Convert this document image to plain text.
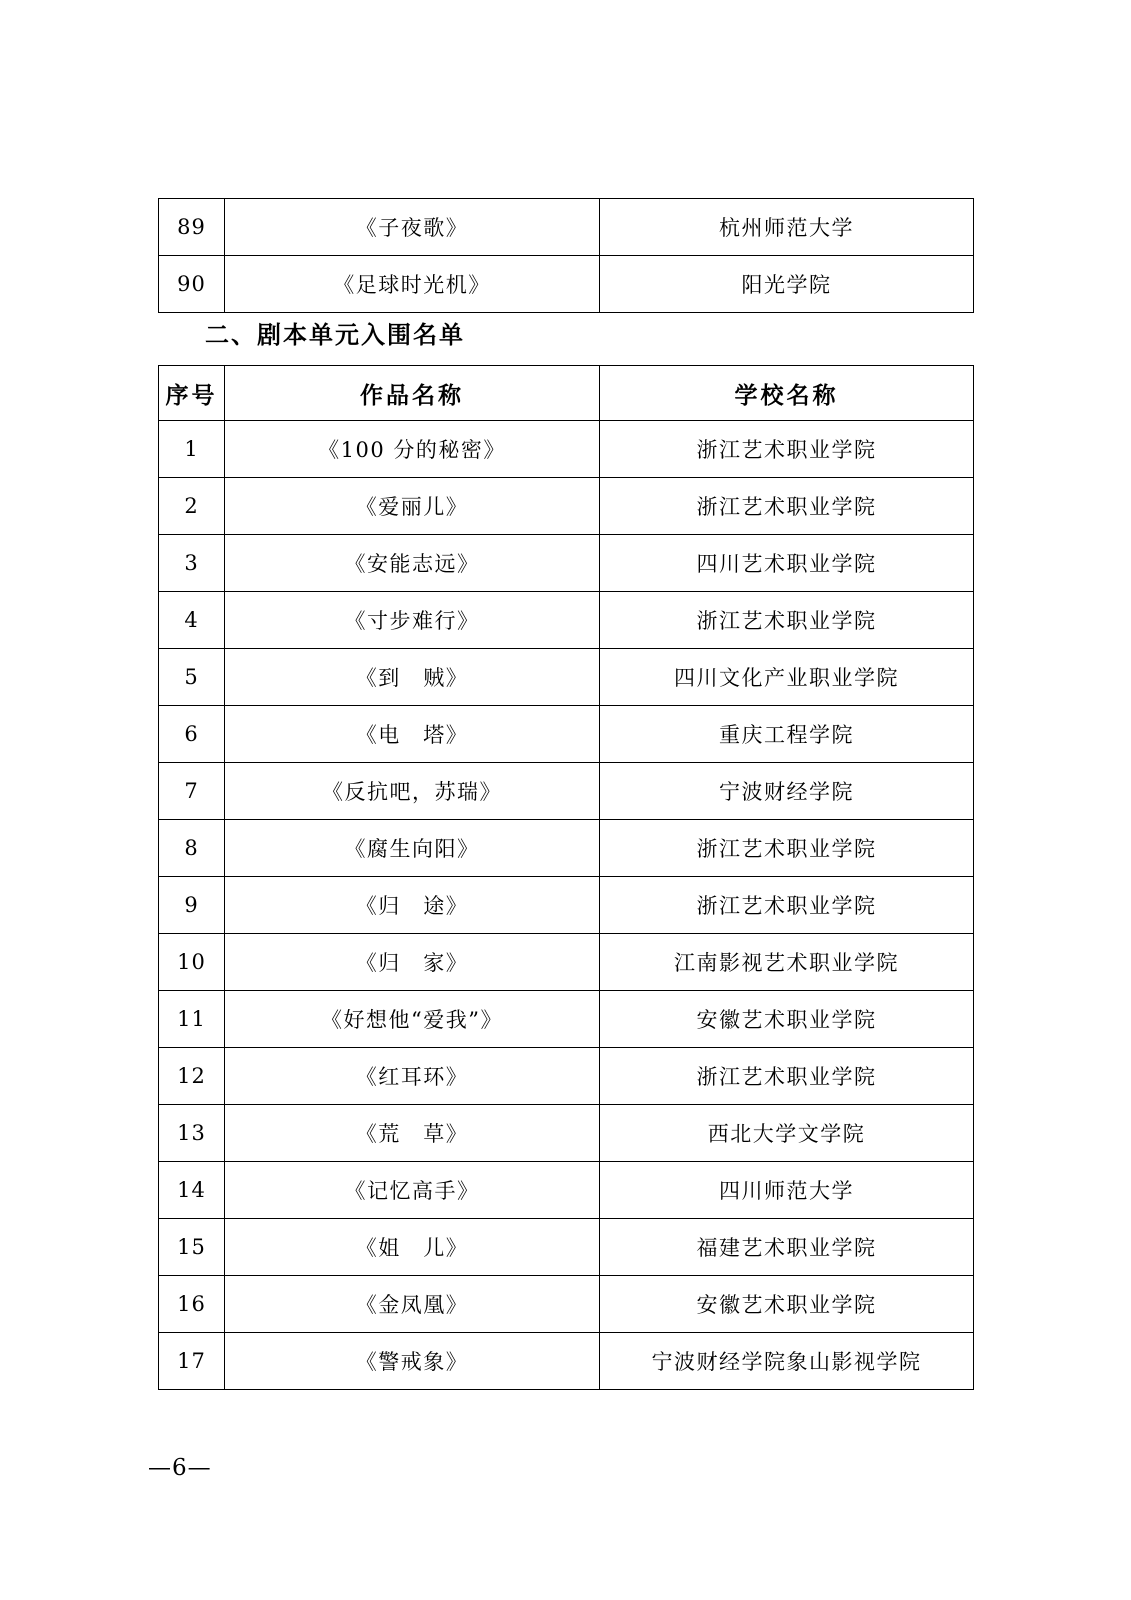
89	《子夜歌》	杭州师范大学
90	《足球时光机》	阳光学院
二、剧本单元入围名单
序号	作品名称	学校名称
1	《100 分的秘密》	浙江艺术职业学院
2	《爱丽儿》	浙江艺术职业学院
3	《安能志远》	四川艺术职业学院
4	《寸步难行》	浙江艺术职业学院
5	《到　贼》	四川文化产业职业学院
6	《电　塔》	重庆工程学院
7	《反抗吧，苏瑞》	宁波财经学院
8	《腐生向阳》	浙江艺术职业学院
9	《归　途》	浙江艺术职业学院
10	《归　家》	江南影视艺术职业学院
11	《好想他“爱我”》	安徽艺术职业学院
12	《红耳环》	浙江艺术职业学院
13	《荒　草》	西北大学文学院
14	《记忆高手》	四川师范大学
15	《姐　儿》	福建艺术职业学院
16	《金凤凰》	安徽艺术职业学院
17	《警戒象》	宁波财经学院象山影视学院
—6—
